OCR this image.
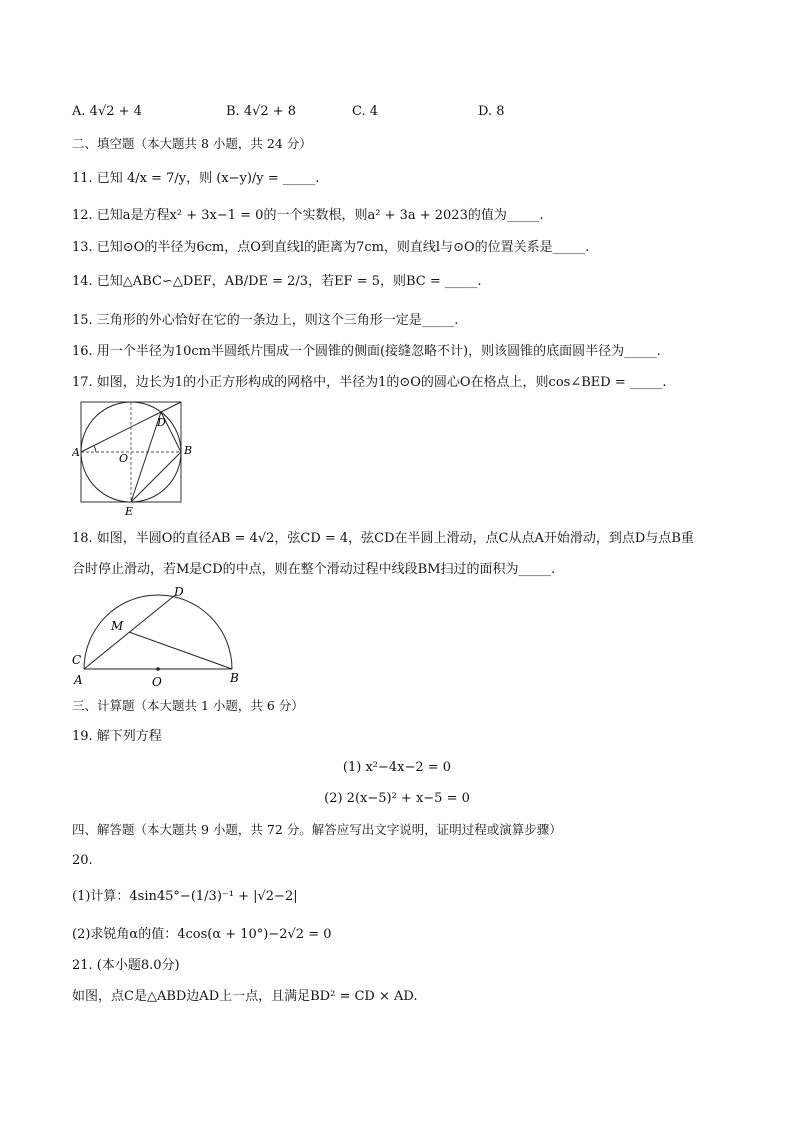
A. 4√2 + 4	B. 4√2 + 8	C. 4	D. 8
二、填空题（本大题共 8 小题，共 24 分）
11. 已知 4/x = 7/y，则 (x−y)/y = _____.
12. 已知a是方程x² + 3x−1 = 0的一个实数根，则a² + 3a + 2023的值为_____.
13. 已知⊙O的半径为6cm，点O到直线l的距离为7cm，则直线l与⊙O的位置关系是_____.
14. 已知△ABC∽△DEF，AB/DE = 2/3，若EF = 5，则BC = _____.
15. 三角形的外心恰好在它的一条边上，则这个三角形一定是_____.
16. 用一个半径为10cm半圆纸片围成一个圆锥的侧面(接缝忽略不计)，则该圆锥的底面圆半径为_____.
17. 如图，边长为1的小正方形构成的网格中，半径为1的⊙O的圆心O在格点上，则cos∠BED = _____.
A	B
D
E
O
18. 如图，半圆O的直径AB = 4√2，弦CD = 4，弦CD在半圆上滑动，点C从点A开始滑动，到点D与点B重
合时停止滑动，若M是CD的中点，则在整个滑动过程中线段BM扫过的面积为_____.
A	B
C
D
M
O
三、计算题（本大题共 1 小题，共 6 分）
19. 解下列方程
(1) x²−4x−2 = 0
(2) 2(x−5)² + x−5 = 0
四、解答题（本大题共 9 小题，共 72 分。解答应写出文字说明，证明过程或演算步骤）
20.
(1)计算：4sin45°−(1/3)⁻¹ + |√2−2|
(2)求锐角α的值：4cos(α + 10°)−2√2 = 0
21. (本小题8.0分)
如图，点C是△ABD边AD上一点，且满足BD² = CD × AD.
